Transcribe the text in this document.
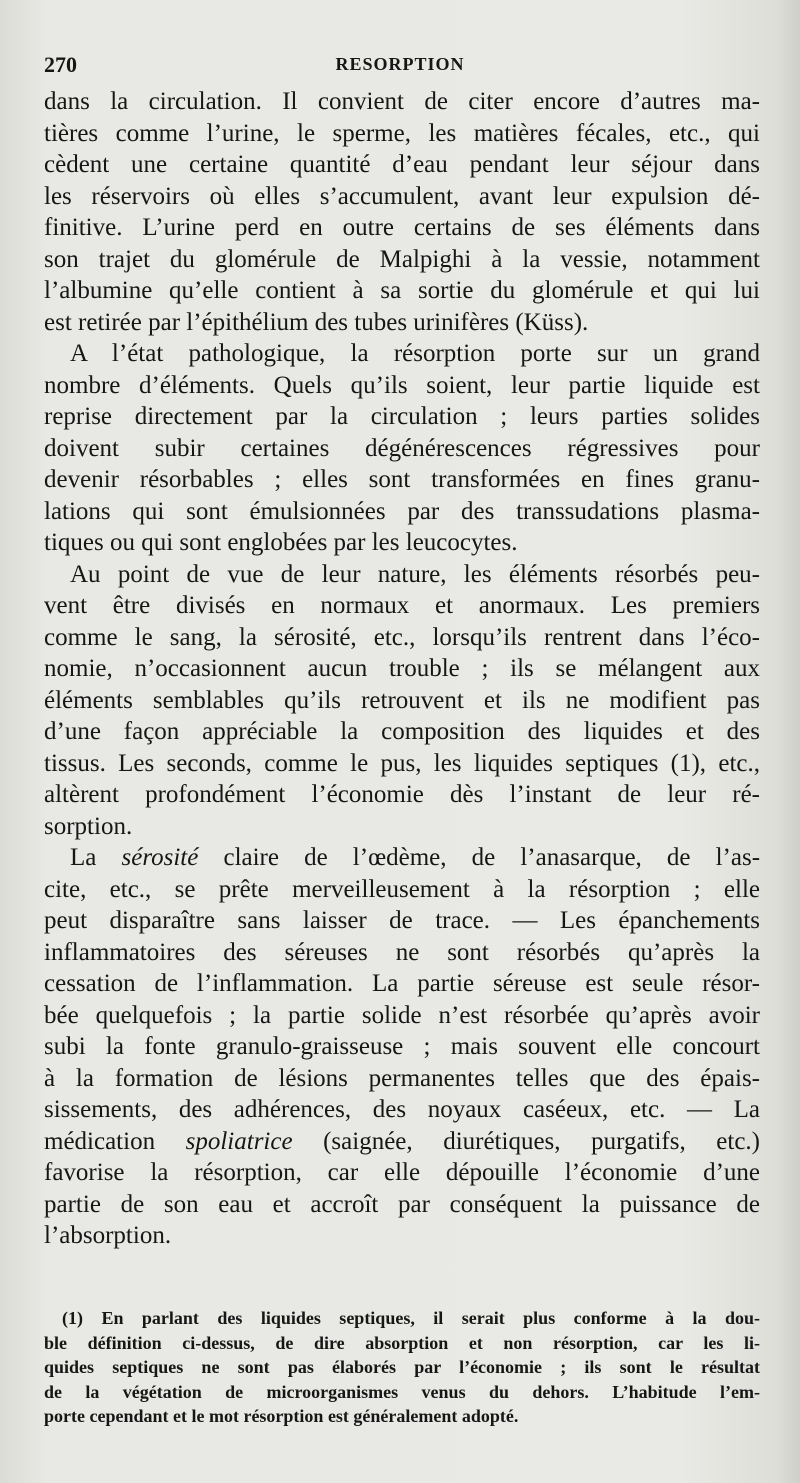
270	RESORPTION
dans la circulation. Il convient de citer encore d’autres ma-
tières comme l’urine, le sperme, les matières fécales, etc., qui
cèdent une certaine quantité d’eau pendant leur séjour dans
les réservoirs où elles s’accumulent, avant leur expulsion dé-
finitive. L’urine perd en outre certains de ses éléments dans
son trajet du glomérule de Malpighi à la vessie, notamment
l’albumine qu’elle contient à sa sortie du glomérule et qui lui
est retirée par l’épithélium des tubes urinifères (Küss).
A l’état pathologique, la résorption porte sur un grand
nombre d’éléments. Quels qu’ils soient, leur partie liquide est
reprise directement par la circulation ; leurs parties solides
doivent subir certaines dégénérescences régressives pour
devenir résorbables ; elles sont transformées en fines granu-
lations qui sont émulsionnées par des transsudations plasma-
tiques ou qui sont englobées par les leucocytes.
Au point de vue de leur nature, les éléments résorbés peu-
vent être divisés en normaux et anormaux. Les premiers
comme le sang, la sérosité, etc., lorsqu’ils rentrent dans l’éco-
nomie, n’occasionnent aucun trouble ; ils se mélangent aux
éléments semblables qu’ils retrouvent et ils ne modifient pas
d’une façon appréciable la composition des liquides et des
tissus. Les seconds, comme le pus, les liquides septiques (1), etc.,
altèrent profondément l’économie dès l’instant de leur ré-
sorption.
La sérosité claire de l’œdème, de l’anasarque, de l’as-
cite, etc., se prête merveilleusement à la résorption ; elle
peut disparaître sans laisser de trace. — Les épanchements
inflammatoires des séreuses ne sont résorbés qu’après la
cessation de l’inflammation. La partie séreuse est seule résor-
bée quelquefois ; la partie solide n’est résorbée qu’après avoir
subi la fonte granulo-graisseuse ; mais souvent elle concourt
à la formation de lésions permanentes telles que des épais-
sissements, des adhérences, des noyaux caséeux, etc. — La
médication spoliatrice (saignée, diurétiques, purgatifs, etc.)
favorise la résorption, car elle dépouille l’économie d’une
partie de son eau et accroît par conséquent la puissance de
l’absorption.
(1) En parlant des liquides septiques, il serait plus conforme à la dou-
ble définition ci-dessus, de dire absorption et non résorption, car les li-
quides septiques ne sont pas élaborés par l’économie ; ils sont le résultat
de la végétation de microorganismes venus du dehors. L’habitude l’em-
porte cependant et le mot résorption est généralement adopté.
